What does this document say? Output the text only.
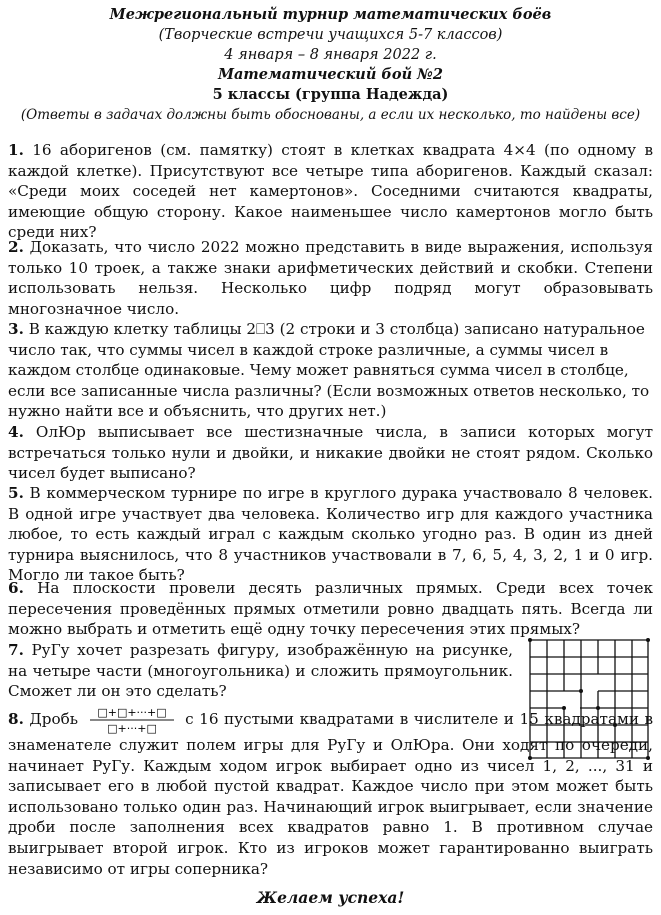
Межрегиональный турнир математических боёв
(Творческие встречи учащихся 5-7 классов)
4 января – 8 января 2022 г.
Математический бой №2
5 классы (группа Надежда)
(Ответы в задачах должны быть обоснованы, а если их несколько, то найдены все)
1. 16 аборигенов (см. памятку) стоят в клетках квадрата 4×4 (по одному в каждой клетке). Присутствуют все четыре типа аборигенов. Каждый сказал: «Среди моих соседей нет камертонов». Соседними считаются квадраты, имеющие общую сторону. Какое наименьшее число камертонов могло быть среди них?
2. Доказать, что число 2022 можно представить в виде выражения, используя только 10 троек, а также знаки арифметических действий и скобки. Степени использовать нельзя. Несколько цифр подряд могут образовывать многозначное число.
3. В каждую клетку таблицы 2⎕3 (2 строки и 3 столбца) записано натуральное число так, что суммы чисел в каждой строке различные, а суммы чисел в каждом столбце одинаковые. Чему может равняться сумма чисел в столбце, если все записанные числа различны? (Если возможных ответов несколько, то нужно найти все и объяснить, что других нет.)
4. ОлЮр выписывает все шестизначные числа, в записи которых могут встречаться только нули и двойки, и никакие двойки не стоят рядом. Сколько чисел будет выписано?
5. В коммерческом турнире по игре в круглого дурака участвовало 8 человек. В одной игре участвует два человека. Количество игр для каждого участника любое, то есть каждый играл с каждым сколько угодно раз. В один из дней турнира выяснилось, что 8 участников участвовали в 7, 6, 5, 4, 3, 2, 1 и 0 игр. Могло ли такое быть?
6. На плоскости провели десять различных прямых. Среди всех точек пересечения проведённых прямых отметили ровно двадцать пять. Всегда ли можно выбрать и отметить ещё одну точку пересечения этих прямых?
7. РуГу хочет разрезать фигуру, изображённую на рисунке, на четыре части (многоугольника) и сложить прямоугольник. Сможет ли он это сделать?
8. Дробь □+□+···+□
□+···+□
с 16 пустыми квадратами в числителе и 15 квадратами в знаменателе служит полем игры для РуГу и ОлЮра. Они ходят по очереди, начинает РуГу. Каждым ходом игрок выбирает одно из чисел 1, 2, ..., 31 и записывает его в любой пустой квадрат. Каждое число при этом может быть использовано только один раз. Начинающий игрок выигрывает, если значение дроби после заполнения всех квадратов равно 1. В противном случае выигрывает второй игрок. Кто из игроков может гарантированно выиграть независимо от игры соперника?
Желаем успеха!
